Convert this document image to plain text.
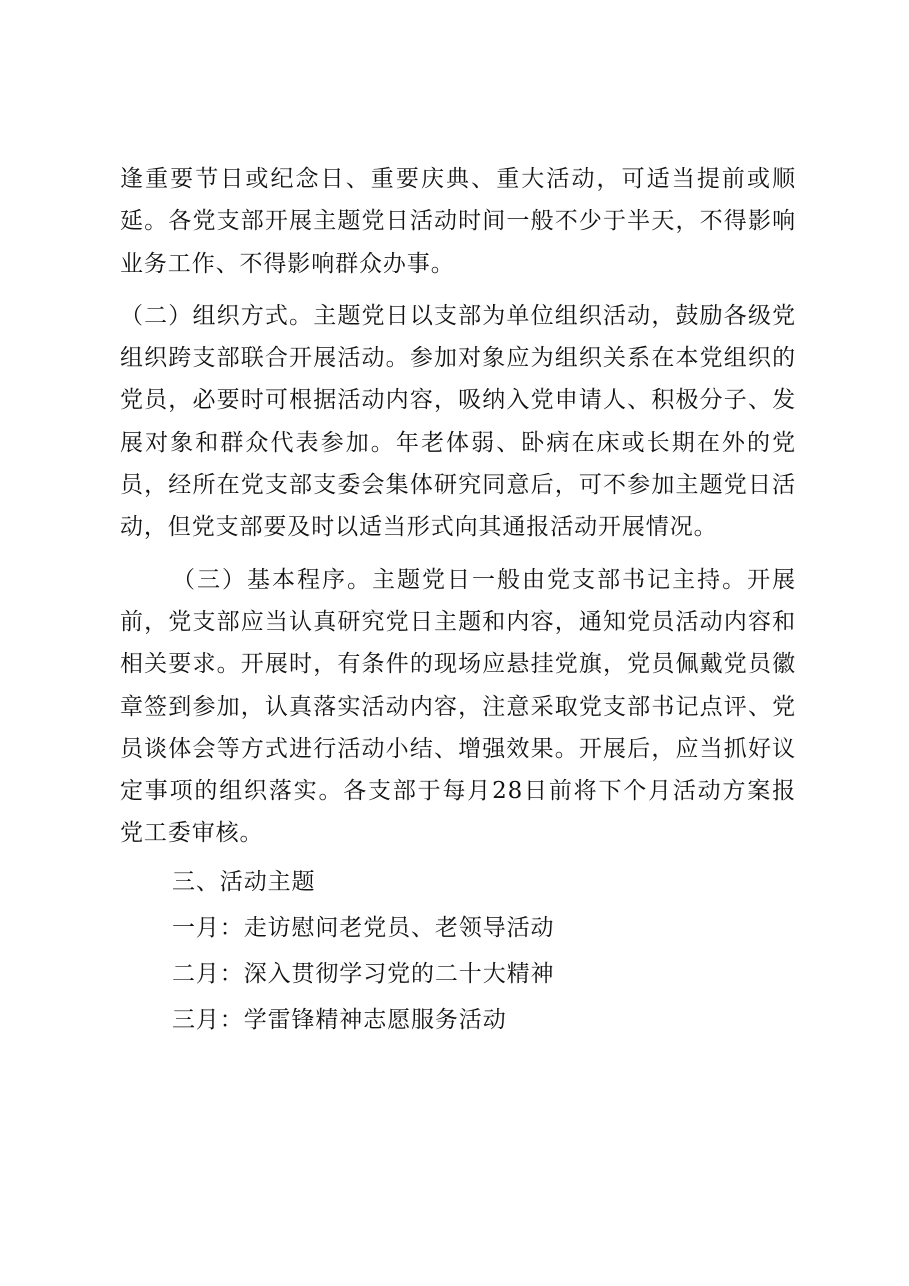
逢重要节日或纪念日、重要庆典、重大活动，可适当提前或顺延。各党支部开展主题党日活动时间一般不少于半天，不得影响业务工作、不得影响群众办事。

（二）组织方式。主题党日以支部为单位组织活动，鼓励各级党组织跨支部联合开展活动。参加对象应为组织关系在本党组织的党员，必要时可根据活动内容，吸纳入党申请人、积极分子、发展对象和群众代表参加。年老体弱、卧病在床或长期在外的党员，经所在党支部支委会集体研究同意后，可不参加主题党日活动，但党支部要及时以适当形式向其通报活动开展情况。

（三）基本程序。主题党日一般由党支部书记主持。开展前，党支部应当认真研究党日主题和内容，通知党员活动内容和相关要求。开展时，有条件的现场应悬挂党旗，党员佩戴党员徽章签到参加，认真落实活动内容，注意采取党支部书记点评、党员谈体会等方式进行活动小结、增强效果。开展后，应当抓好议定事项的组织落实。各支部于每月28日前将下个月活动方案报党工委审核。

三、活动主题

一月：走访慰问老党员、老领导活动

二月：深入贯彻学习党的二十大精神

三月：学雷锋精神志愿服务活动
